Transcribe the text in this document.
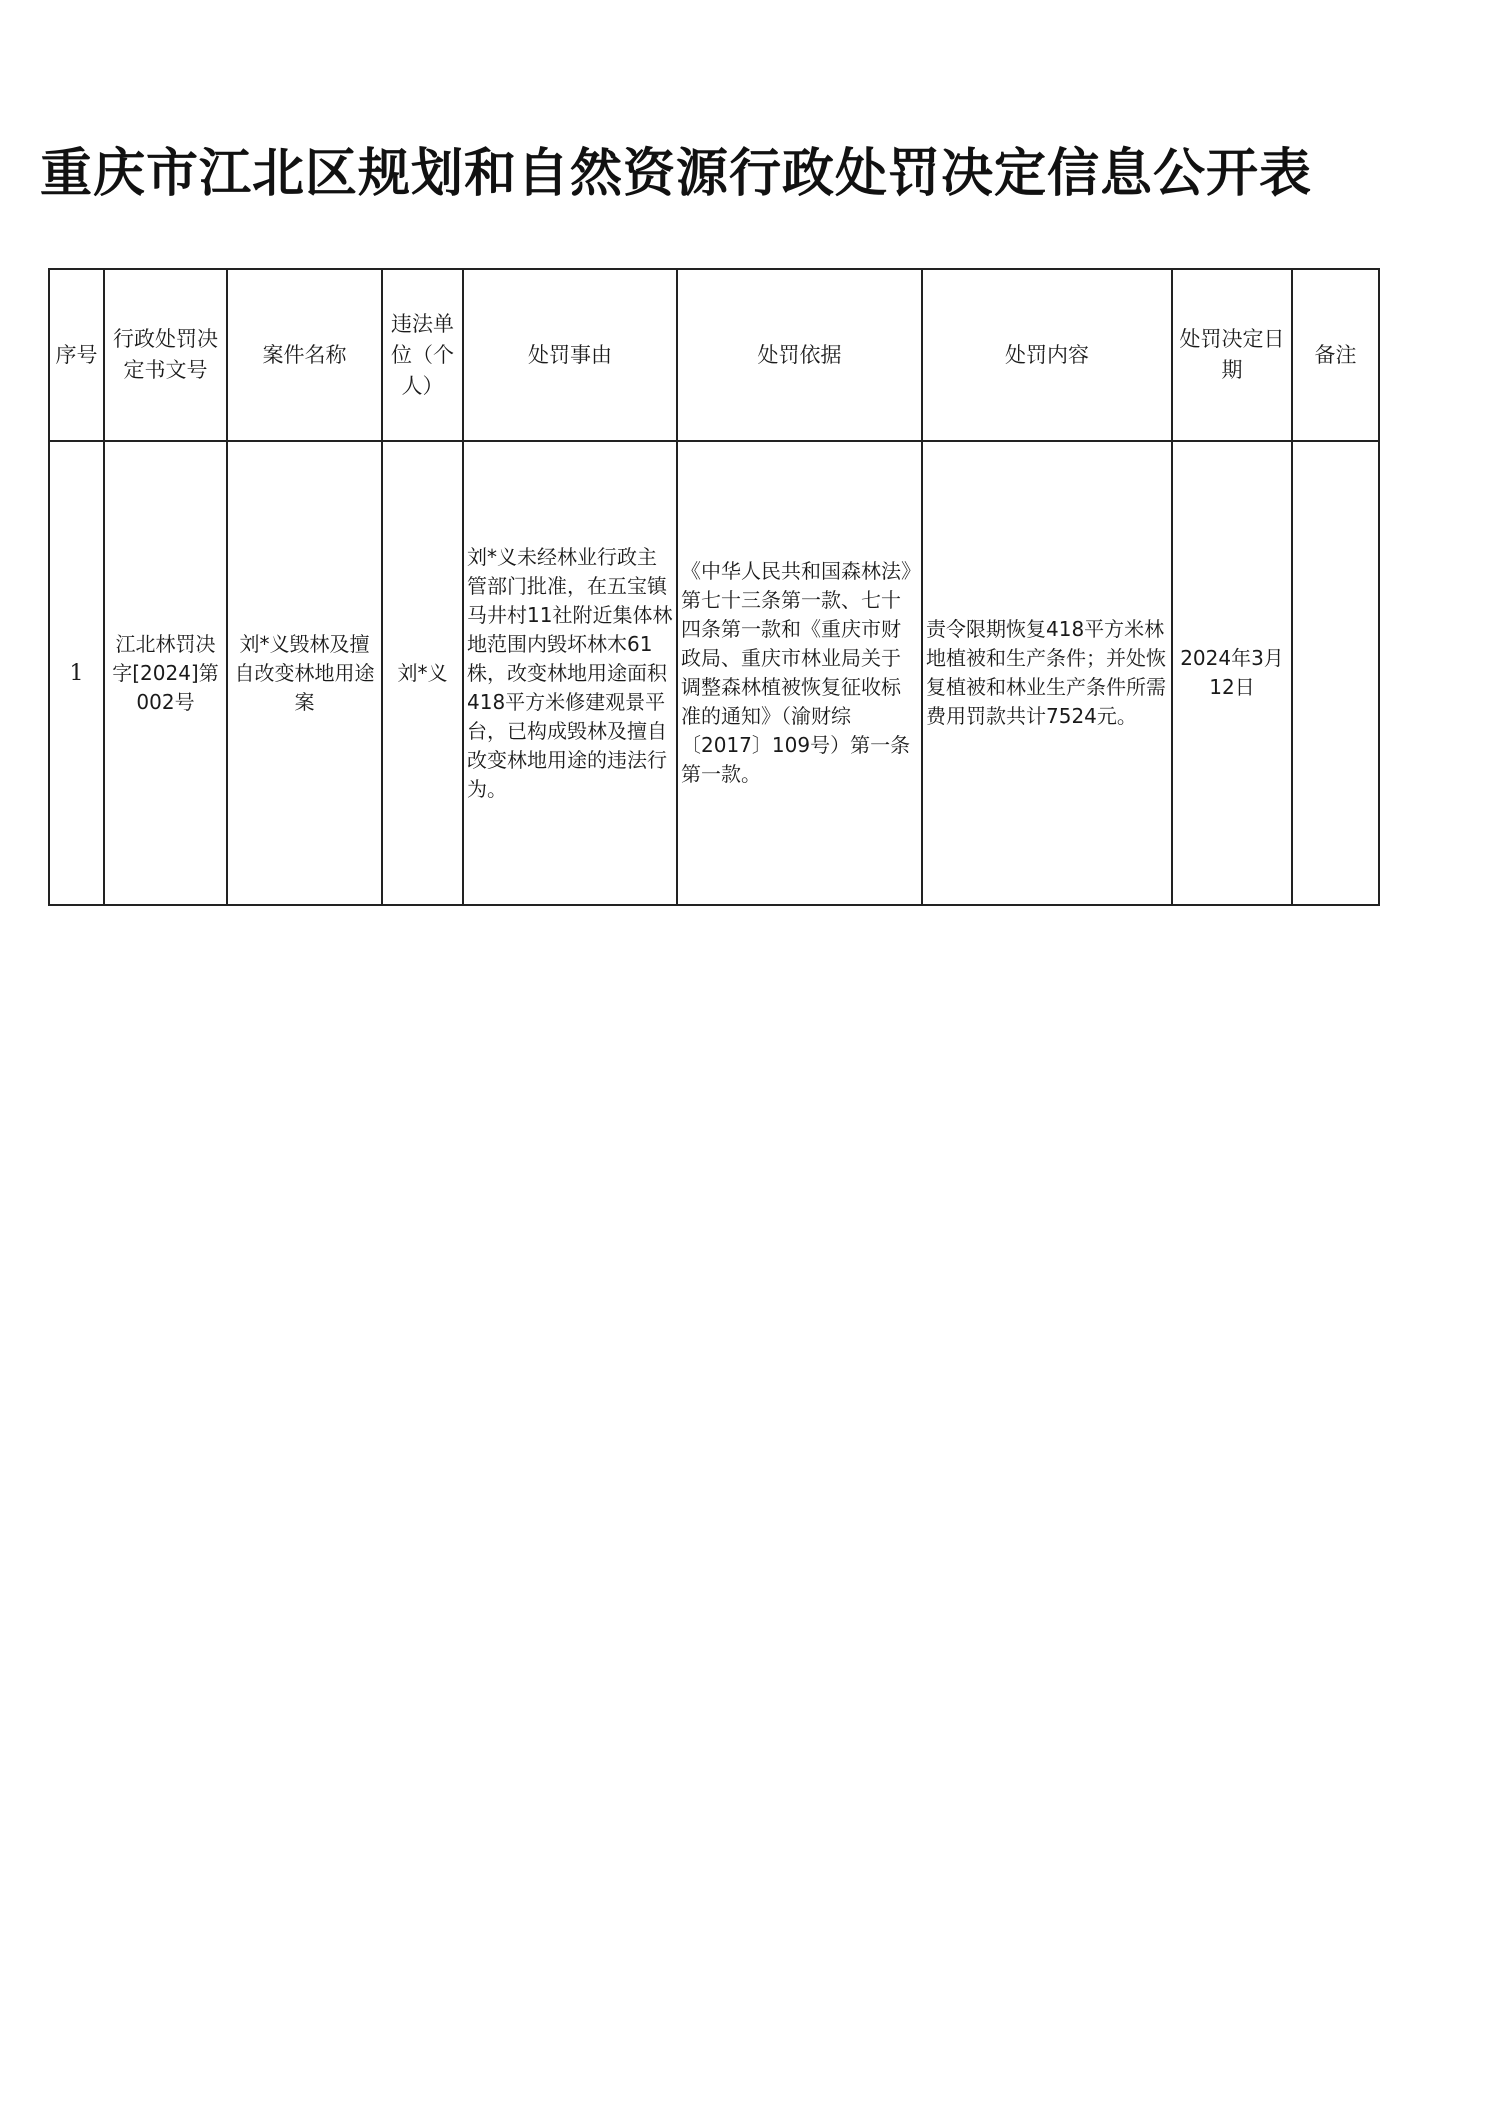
重庆市江北区规划和自然资源行政处罚决定信息公开表
序号	行政处罚决定书文号	案件名称	违法单位（个人）	处罚事由	处罚依据	处罚内容	处罚决定日期	备注
1	江北林罚决字[2024]第002号	刘*义毁林及擅自改变林地用途案	刘*义	刘*义未经林业行政主管部门批准，在五宝镇马井村11社附近集体林地范围内毁坏林木61株，改变林地用途面积418平方米修建观景平台，已构成毁林及擅自改变林地用途的违法行为。	《中华人民共和国森林法》第七十三条第一款、七十四条第一款和《重庆市财政局、重庆市林业局关于调整森林植被恢复征收标准的通知》（渝财综〔2017〕109号）第一条第一款。	责令限期恢复418平方米林地植被和生产条件；并处恢复植被和林业生产条件所需费用罚款共计7524元。	2024年3月12日	
